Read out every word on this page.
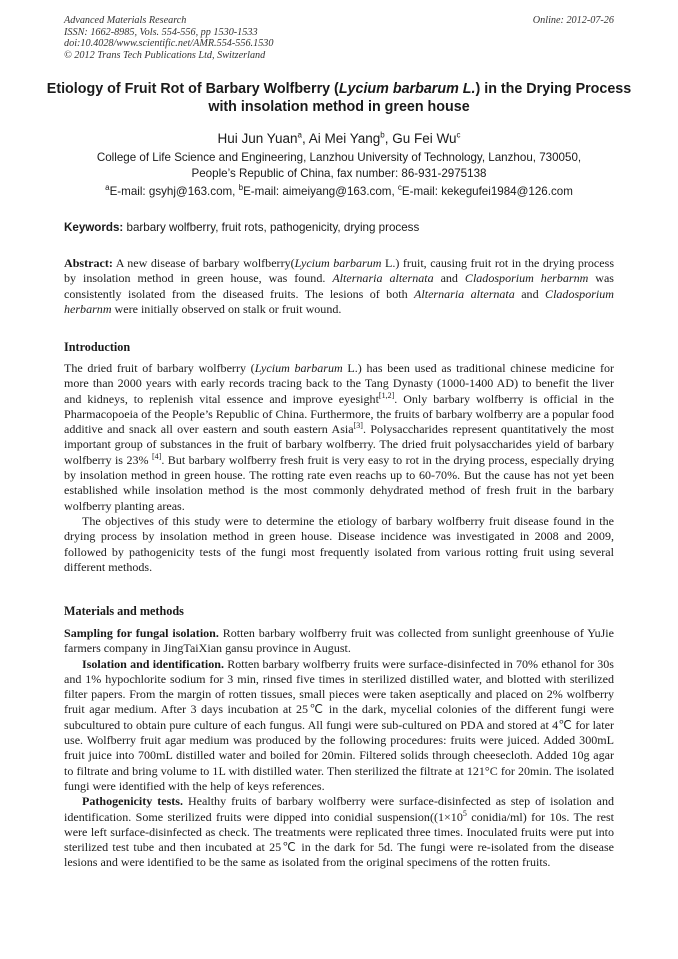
Advanced Materials Research
ISSN: 1662-8985, Vols. 554-556, pp 1530-1533
doi:10.4028/www.scientific.net/AMR.554-556.1530
© 2012 Trans Tech Publications Ltd, Switzerland
Online: 2012-07-26
Etiology of Fruit Rot of Barbary Wolfberry (Lycium barbarum L.) in the Drying Process with insolation method in green house
Hui Jun Yuan$^a$, Ai Mei Yang$^b$, Gu Fei Wu$^c$
College of Life Science and Engineering, Lanzhou University of Technology, Lanzhou, 730050,
People’s Republic of China, fax number: 86-931-2975138
$^a$E-mail: gsyhj@163.com, $^b$E-mail: aimeiyang@163.com, $^c$E-mail: kekegufei1984@126.com
Keywords: barbary wolfberry, fruit rots, pathogenicity, drying process
Abstract: A new disease of barbary wolfberry(Lycium barbarum L.) fruit, causing fruit rot in the drying process by insolation method in green house, was found. Alternaria alternata and Cladosporium herbarnm was consistently isolated from the diseased fruits. The lesions of both Alternaria alternata and Cladosporium herbarnm were initially observed on stalk or fruit wound.
Introduction

The dried fruit of barbary wolfberry (Lycium barbarum L.) has been used as traditional chinese medicine for more than 2000 years with early records tracing back to the Tang Dynasty (1000-1400 AD) to benefit the liver and kidneys, to replenish vital essence and improve eyesight[1,2]. Only barbary wolfberry is official in the Pharmacopoeia of the People’s Republic of China. Furthermore, the fruits of barbary wolfberry are a popular food additive and snack all over eastern and south eastern Asia[3]. Polysaccharides represent quantitatively the most important group of substances in the fruit of barbary wolfberry. The dried fruit polysaccharides yield of barbary wolfberry is 23% [4]. But barbary wolfberry fresh fruit is very easy to rot in the drying process, especially drying by insolation method in green house. The rotting rate even reachs up to 60-70%. But the cause has not yet been established while insolation method is the most commonly dehydrated method of fresh fruit in the barbary wolfberry planting areas.

The objectives of this study were to determine the etiology of barbary wolfberry fruit disease found in the drying process by insolation method in green house. Disease incidence was investigated in 2008 and 2009, followed by pathogenicity tests of the fungi most frequently isolated from various rotting fruit using several different methods.

Materials and methods

Sampling for fungal isolation. Rotten barbary wolfberry fruit was collected from sunlight greenhouse of YuJie farmers company in JingTaiXian gansu province in August.

Isolation and identification. Rotten barbary wolfberry fruits were surface-disinfected in 70% ethanol for 30s and 1% hypochlorite sodium for 3 min, rinsed five times in sterilized distilled water, and blotted with sterilized filter papers. From the margin of rotten tissues, small pieces were taken aseptically and placed on 2% wolfberry fruit agar medium. After 3 days incubation at 25℃ in the dark, mycelial colonies of the different fungi were subcultured to obtain pure culture of each fungus. All fungi were sub-cultured on PDA and stored at 4℃ for later use. Wolfberry fruit agar medium was produced by the following procedures: fruits were juiced. Added 300mL fruit juice into 700mL distilled water and boiled for 20min. Filtered solids through cheesecloth. Added 10g agar to filtrate and bring volume to 1L with distilled water. Then sterilized the filtrate at 121°C for 20min. The isolated fungi were identified with the help of keys references.

Pathogenicity tests. Healthy fruits of barbary wolfberry were surface-disinfected as step of isolation and identification. Some sterilized fruits were dipped into conidial $suspension((1\times 10^5$ conidia/ml) for 10s. The rest were left surface-disinfected as check. The treatments were replicated three times. Inoculated fruits were put into sterilized test tube and then incubated at 25℃ in the dark for 5d. The fungi were re-isolated from the disease lesions and were identified to be the same as isolated from the original specimens of the rotten fruits.
